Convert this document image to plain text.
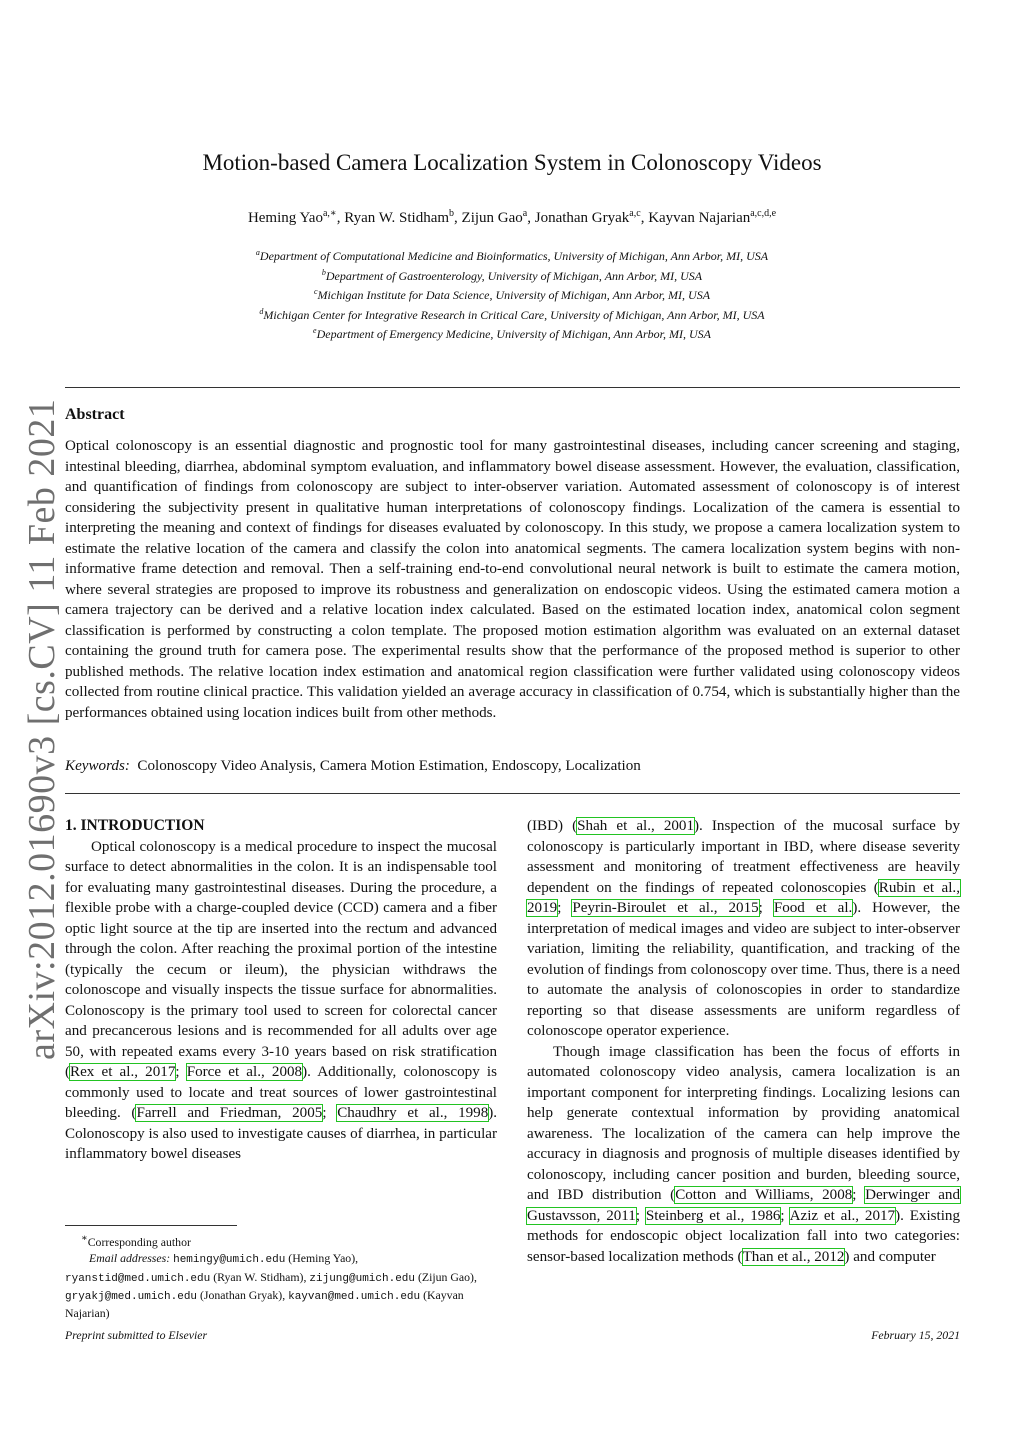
arXiv:2012.01690v3 [cs.CV] 11 Feb 2021
Motion-based Camera Localization System in Colonoscopy Videos
Heming Yao$^{a,∗}$, Ryan W. Stidham$^b$, Zijun Gao$^a$, Jonathan Gryak$^{a,c}$, Kayvan Najarian$^{a,c,d,e}$
$^a$Department of Computational Medicine and Bioinformatics, University of Michigan, Ann Arbor, MI, USA
$^b$Department of Gastroenterology, University of Michigan, Ann Arbor, MI, USA
$^c$Michigan Institute for Data Science, University of Michigan, Ann Arbor, MI, USA
$^d$Michigan Center for Integrative Research in Critical Care, University of Michigan, Ann Arbor, MI, USA
$^e$Department of Emergency Medicine, University of Michigan, Ann Arbor, MI, USA
Abstract
Optical colonoscopy is an essential diagnostic and prognostic tool for many gastrointestinal diseases, including cancer screening and staging, intestinal bleeding, diarrhea, abdominal symptom evaluation, and inflammatory bowel disease assessment. However, the evaluation, classification, and quantification of findings from colonoscopy are subject to inter-observer variation. Automated assessment of colonoscopy is of interest considering the subjectivity present in qualitative human interpretations of colonoscopy findings. Localization of the camera is essential to interpreting the meaning and context of findings for diseases evaluated by colonoscopy. In this study, we propose a camera localization system to estimate the relative location of the camera and classify the colon into anatomical segments. The camera localization system begins with non-informative frame detection and removal. Then a self-training end-to-end convolutional neural network is built to estimate the camera motion, where several strategies are proposed to improve its robustness and generalization on endoscopic videos. Using the estimated camera motion a camera trajectory can be derived and a relative location index calculated. Based on the estimated location index, anatomical colon segment classification is performed by constructing a colon template. The proposed motion estimation algorithm was evaluated on an external dataset containing the ground truth for camera pose. The experimental results show that the performance of the proposed method is superior to other published methods. The relative location index estimation and anatomical region classification were further validated using colonoscopy videos collected from routine clinical practice. This validation yielded an average accuracy in classification of 0.754, which is substantially higher than the performances obtained using location indices built from other methods.
Keywords: Colonoscopy Video Analysis, Camera Motion Estimation, Endoscopy, Localization

1. INTRODUCTION

Optical colonoscopy is a medical procedure to inspect the mucosal surface to detect abnormalities in the colon. It is an indispensable tool for evaluating many gastrointestinal diseases. During the procedure, a flexible probe with a charge-coupled device (CCD) camera and a fiber optic light source at the tip are inserted into the rectum and advanced through the colon. After reaching the proximal portion of the intestine (typically the cecum or ileum), the physician withdraws the colonoscope and visually inspects the tissue surface for abnormalities. Colonoscopy is the primary tool used to screen for colorectal cancer and precancerous lesions and is recommended for all adults over age 50, with repeated exams every 3-10 years based on risk stratification (Rex et al., 2017; Force et al., 2008). Additionally, colonoscopy is commonly used to locate and treat sources of lower gastrointestinal bleeding. (Farrell and Friedman, 2005; Chaudhry et al., 1998). Colonoscopy is also used to investigate causes of diarrhea, in particular inflammatory bowel diseases

(IBD) (Shah et al., 2001). Inspection of the mucosal surface by colonoscopy is particularly important in IBD, where disease severity assessment and monitoring of treatment effectiveness are heavily dependent on the findings of repeated colonoscopies (Rubin et al., 2019; Peyrin-Biroulet et al., 2015; Food et al.). However, the interpretation of medical images and video are subject to inter-observer variation, limiting the reliability, quantification, and tracking of the evolution of findings from colonoscopy over time. Thus, there is a need to automate the analysis of colonoscopies in order to standardize reporting so that disease assessments are uniform regardless of colonoscope operator experience.

Though image classification has been the focus of efforts in automated colonoscopy video analysis, camera localization is an important component for interpreting findings. Localizing lesions can help generate contextual information by providing anatomical awareness. The localization of the camera can help improve the accuracy in diagnosis and prognosis of multiple diseases identified by colonoscopy, including cancer position and burden, bleeding source, and IBD distribution (Cotton and Williams, 2008; Derwinger and Gustavsson, 2011; Steinberg et al., 1986; Aziz et al., 2017). Existing methods for endoscopic object localization fall into two categories: sensor-based localization methods (Than et al., 2012) and computer

∗Corresponding author
Email addresses: hemingy@umich.edu (Heming Yao),
ryanstid@med.umich.edu (Ryan W. Stidham), zijung@umich.edu (Zijun Gao), gryakj@med.umich.edu (Jonathan Gryak), kayvan@med.umich.edu (Kayvan Najarian)
Preprint submitted to Elsevier	February 15, 2021
